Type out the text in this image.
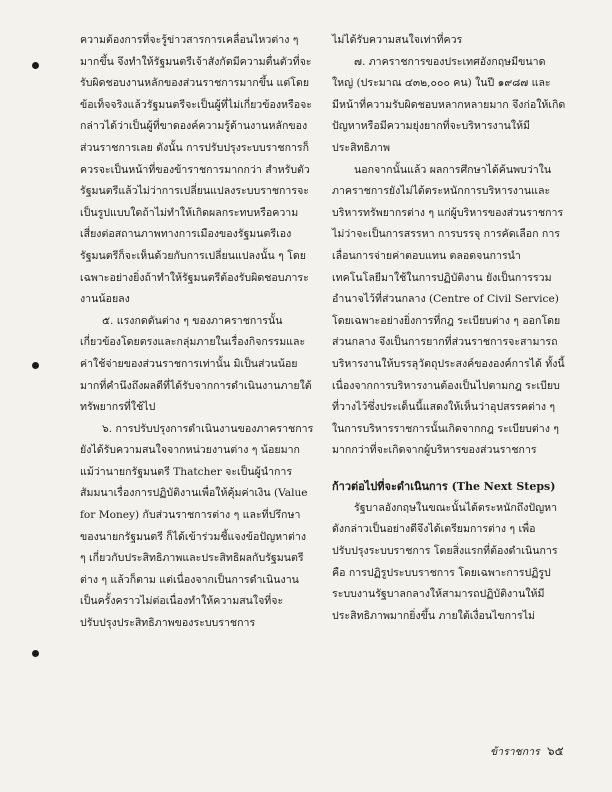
ความต้องการที่จะรู้ข่าวสารการเคลื่อนไหวต่าง ๆ มากขึ้น จึงทำให้รัฐมนตรีเจ้าสังกัดมีความตื่นตัวที่จะรับผิดชอบงานหลักของส่วนราชการมากขึ้น แต่โดยข้อเท็จจริงแล้วรัฐมนตรีจะเป็นผู้ที่ไม่เกี่ยวข้องหรือจะกล่าวได้ว่าเป็นผู้ที่ขาดองค์ความรู้ด้านงานหลักของส่วนราชการเลย ดังนั้น การปรับปรุงระบบราชการก็ควรจะเป็นหน้าที่ของข้าราชการมากกว่า สำหรับตัวรัฐมนตรีแล้วไม่ว่าการเปลี่ยนแปลงระบบราชการจะเป็นรูปแบบใดถ้าไม่ทำให้เกิดผลกระทบหรือความเสี่ยงต่อสถานภาพทางการเมืองของรัฐมนตรีเอง รัฐมนตรีก็จะเห็นด้วยกับการเปลี่ยนแปลงนั้น ๆ โดยเฉพาะอย่างยิ่งถ้าทำให้รัฐมนตรีต้องรับผิดชอบภาระงานน้อยลง

๕. แรงกดดันต่าง ๆ ของภาคราชการนั้นเกี่ยวข้องโดยตรงและกลุ่มภายในเรื่องกิจกรรมและค่าใช้จ่ายของส่วนราชการเท่านั้น มิเป็นส่วนน้อยมากที่คำนึงถึงผลดีที่ได้รับจากการดำเนินงานภายใต้ทรัพยากรที่ใช้ไป

๖. การปรับปรุงการดำเนินงานของภาคราชการยังได้รับความสนใจจากหน่วยงานต่าง ๆ น้อยมาก แม้ว่านายกรัฐมนตรี Thatcher จะเป็นผู้นำการสัมมนาเรื่องการปฏิบัติงานเพื่อให้คุ้มค่าเงิน (Value for Money) กับส่วนราชการต่าง ๆ และที่ปรึกษาของนายกรัฐมนตรี ก็ได้เข้าร่วมชี้แจงข้อปัญหาต่าง ๆ เกี่ยวกับประสิทธิภาพและประสิทธิผลกับรัฐมนตรีต่าง ๆ แล้วก็ตาม แต่เนื่องจากเป็นการดำเนินงานเป็นครั้งคราวไม่ต่อเนื่องทำให้ความสนใจที่จะปรับปรุงประสิทธิภาพของระบบราชการ

ไม่ได้รับความสนใจเท่าที่ควร

๗. ภาคราชการของประเทศอังกฤษมีขนาดใหญ่ (ประมาณ ๔๓๒,๐๐๐ คน) ในปี ๑๙๘๗ และมีหน้าที่ความรับผิดชอบหลากหลายมาก จึงก่อให้เกิดปัญหาหรือมีความยุ่งยากที่จะบริหารงานให้มีประสิทธิภาพ

นอกจากนั้นแล้ว ผลการศึกษาได้ค้นพบว่าในภาคราชการยังไม่ได้ตระหนักการบริหารงานและบริหารทรัพยากรต่าง ๆ แก่ผู้บริหารของส่วนราชการไม่ว่าจะเป็นการสรรหา การบรรจุ การคัดเลือก การเลื่อนการจ่ายค่าตอบแทน ตลอดจนการนำเทคโนโลยีมาใช้ในการปฏิบัติงาน ยังเป็นการรวมอำนาจไว้ที่ส่วนกลาง (Centre of Civil Service) โดยเฉพาะอย่างยิ่งการที่กฎ ระเบียบต่าง ๆ ออกโดยส่วนกลาง จึงเป็นการยากที่ส่วนราชการจะสามารถบริหารงานให้บรรลุวัตถุประสงค์ขององค์การได้ ทั้งนี้ เนื่องจากการบริหารงานต้องเป็นไปตามกฎ ระเบียบที่วางไว้ซึ่งประเด็นนี้แสดงให้เห็นว่าอุปสรรคต่าง ๆ ในการบริหารราชการนั้นเกิดจากกฎ ระเบียบต่าง ๆ มากกว่าที่จะเกิดจากผู้บริหารของส่วนราชการ

ก้าวต่อไปที่จะดำเนินการ (The Next Steps)

รัฐบาลอังกฤษในขณะนั้นได้ตระหนักถึงปัญหาดังกล่าวเป็นอย่างดีจึงได้เตรียมการต่าง ๆ เพื่อปรับปรุงระบบราชการ โดยสิ่งแรกที่ต้องดำเนินการคือ การปฏิรูประบบราชการ โดยเฉพาะการปฏิรูประบบงานรัฐบาลกลางให้สามารถปฏิบัติงานให้มีประสิทธิภาพมากยิ่งขึ้น ภายใต้เงื่อนไขการไม่

ข้าราชการ ๖๕
